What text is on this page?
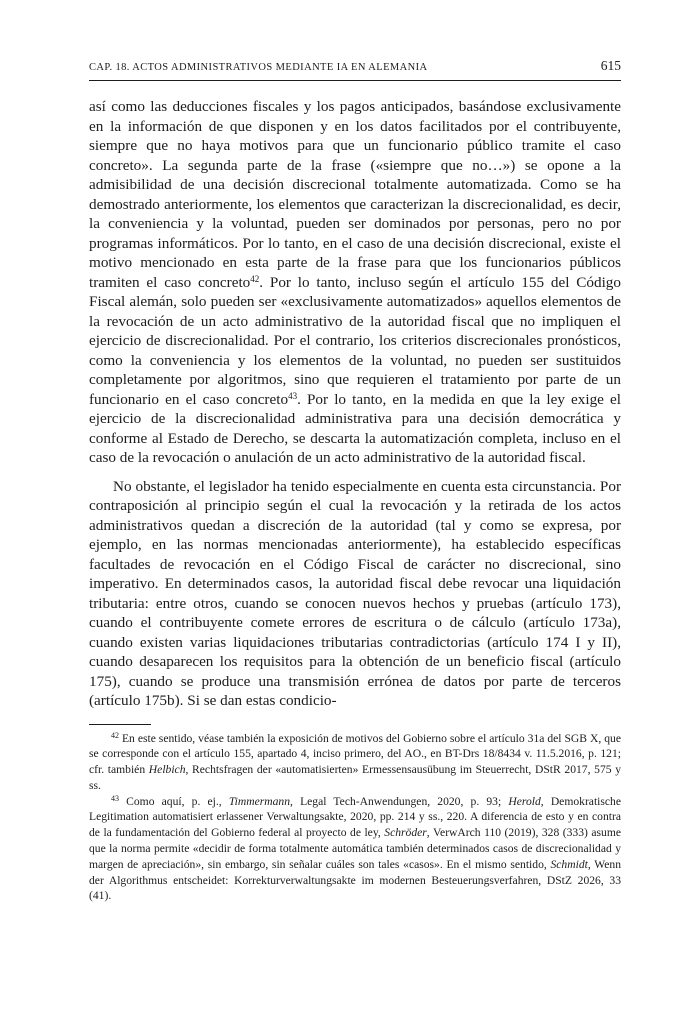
CAP. 18. ACTOS ADMINISTRATIVOS MEDIANTE IA EN ALEMANIA	615

así como las deducciones fiscales y los pagos anticipados, basándose exclusivamente en la información de que disponen y en los datos facilitados por el contribuyente, siempre que no haya motivos para que un funcionario público tramite el caso concreto». La segunda parte de la frase («siempre que no…») se opone a la admisibilidad de una decisión discrecional totalmente automatizada. Como se ha demostrado anteriormente, los elementos que caracterizan la discrecionalidad, es decir, la conveniencia y la voluntad, pueden ser dominados por personas, pero no por programas informáticos. Por lo tanto, en el caso de una decisión discrecional, existe el motivo mencionado en esta parte de la frase para que los funcionarios públicos tramiten el caso concreto$^{42}$. Por lo tanto, incluso según el artículo 155 del Código Fiscal alemán, solo pueden ser «exclusivamente automatizados» aquellos elementos de la revocación de un acto administrativo de la autoridad fiscal que no impliquen el ejercicio de discrecionalidad. Por el contrario, los criterios discrecionales pronósticos, como la conveniencia y los elementos de la voluntad, no pueden ser sustituidos completamente por algoritmos, sino que requieren el tratamiento por parte de un funcionario en el caso concreto$^{43}$. Por lo tanto, en la medida en que la ley exige el ejercicio de la discrecionalidad administrativa para una decisión democrática y conforme al Estado de Derecho, se descarta la automatización completa, incluso en el caso de la revocación o anulación de un acto administrativo de la autoridad fiscal.

No obstante, el legislador ha tenido especialmente en cuenta esta circunstancia. Por contraposición al principio según el cual la revocación y la retirada de los actos administrativos quedan a discreción de la autoridad (tal y como se expresa, por ejemplo, en las normas mencionadas anteriormente), ha establecido específicas facultades de revocación en el Código Fiscal de carácter no discrecional, sino imperativo. En determinados casos, la autoridad fiscal debe revocar una liquidación tributaria: entre otros, cuando se conocen nuevos hechos y pruebas (artículo 173), cuando el contribuyente comete errores de escritura o de cálculo (artículo 173a), cuando existen varias liquidaciones tributarias contradictorias (artículo 174 I y II), cuando desaparecen los requisitos para la obtención de un beneficio fiscal (artículo 175), cuando se produce una transmisión errónea de datos por parte de terceros (artículo 175b). Si se dan estas condicio-

$^{42}$ En este sentido, véase también la exposición de motivos del Gobierno sobre el artículo 31a del SGB X, que se corresponde con el artículo 155, apartado 4, inciso primero, del AO., en BT-Drs 18/8434 v. 11.5.2016, p. 121; cfr. también Helbich, Rechtsfragen der «automatisierten» Ermessensausübung im Steuerrecht, DStR 2017, 575 y ss.

$^{43}$ Como aquí, p. ej., Timmermann, Legal Tech-Anwendungen, 2020, p. 93; Herold, Demokratische Legitimation automatisiert erlassener Verwaltungsakte, 2020, pp. 214 y ss., 220. A diferencia de esto y en contra de la fundamentación del Gobierno federal al proyecto de ley, Schröder, VerwArch 110 (2019), 328 (333) asume que la norma permite «decidir de forma totalmente automática también determinados casos de discrecionalidad y margen de apreciación», sin embargo, sin señalar cuáles son tales «casos». En el mismo sentido, Schmidt, Wenn der Algorithmus entscheidet: Korrekturverwaltungsakte im modernen Besteuerungsverfahren, DStZ 2026, 33 (41).
